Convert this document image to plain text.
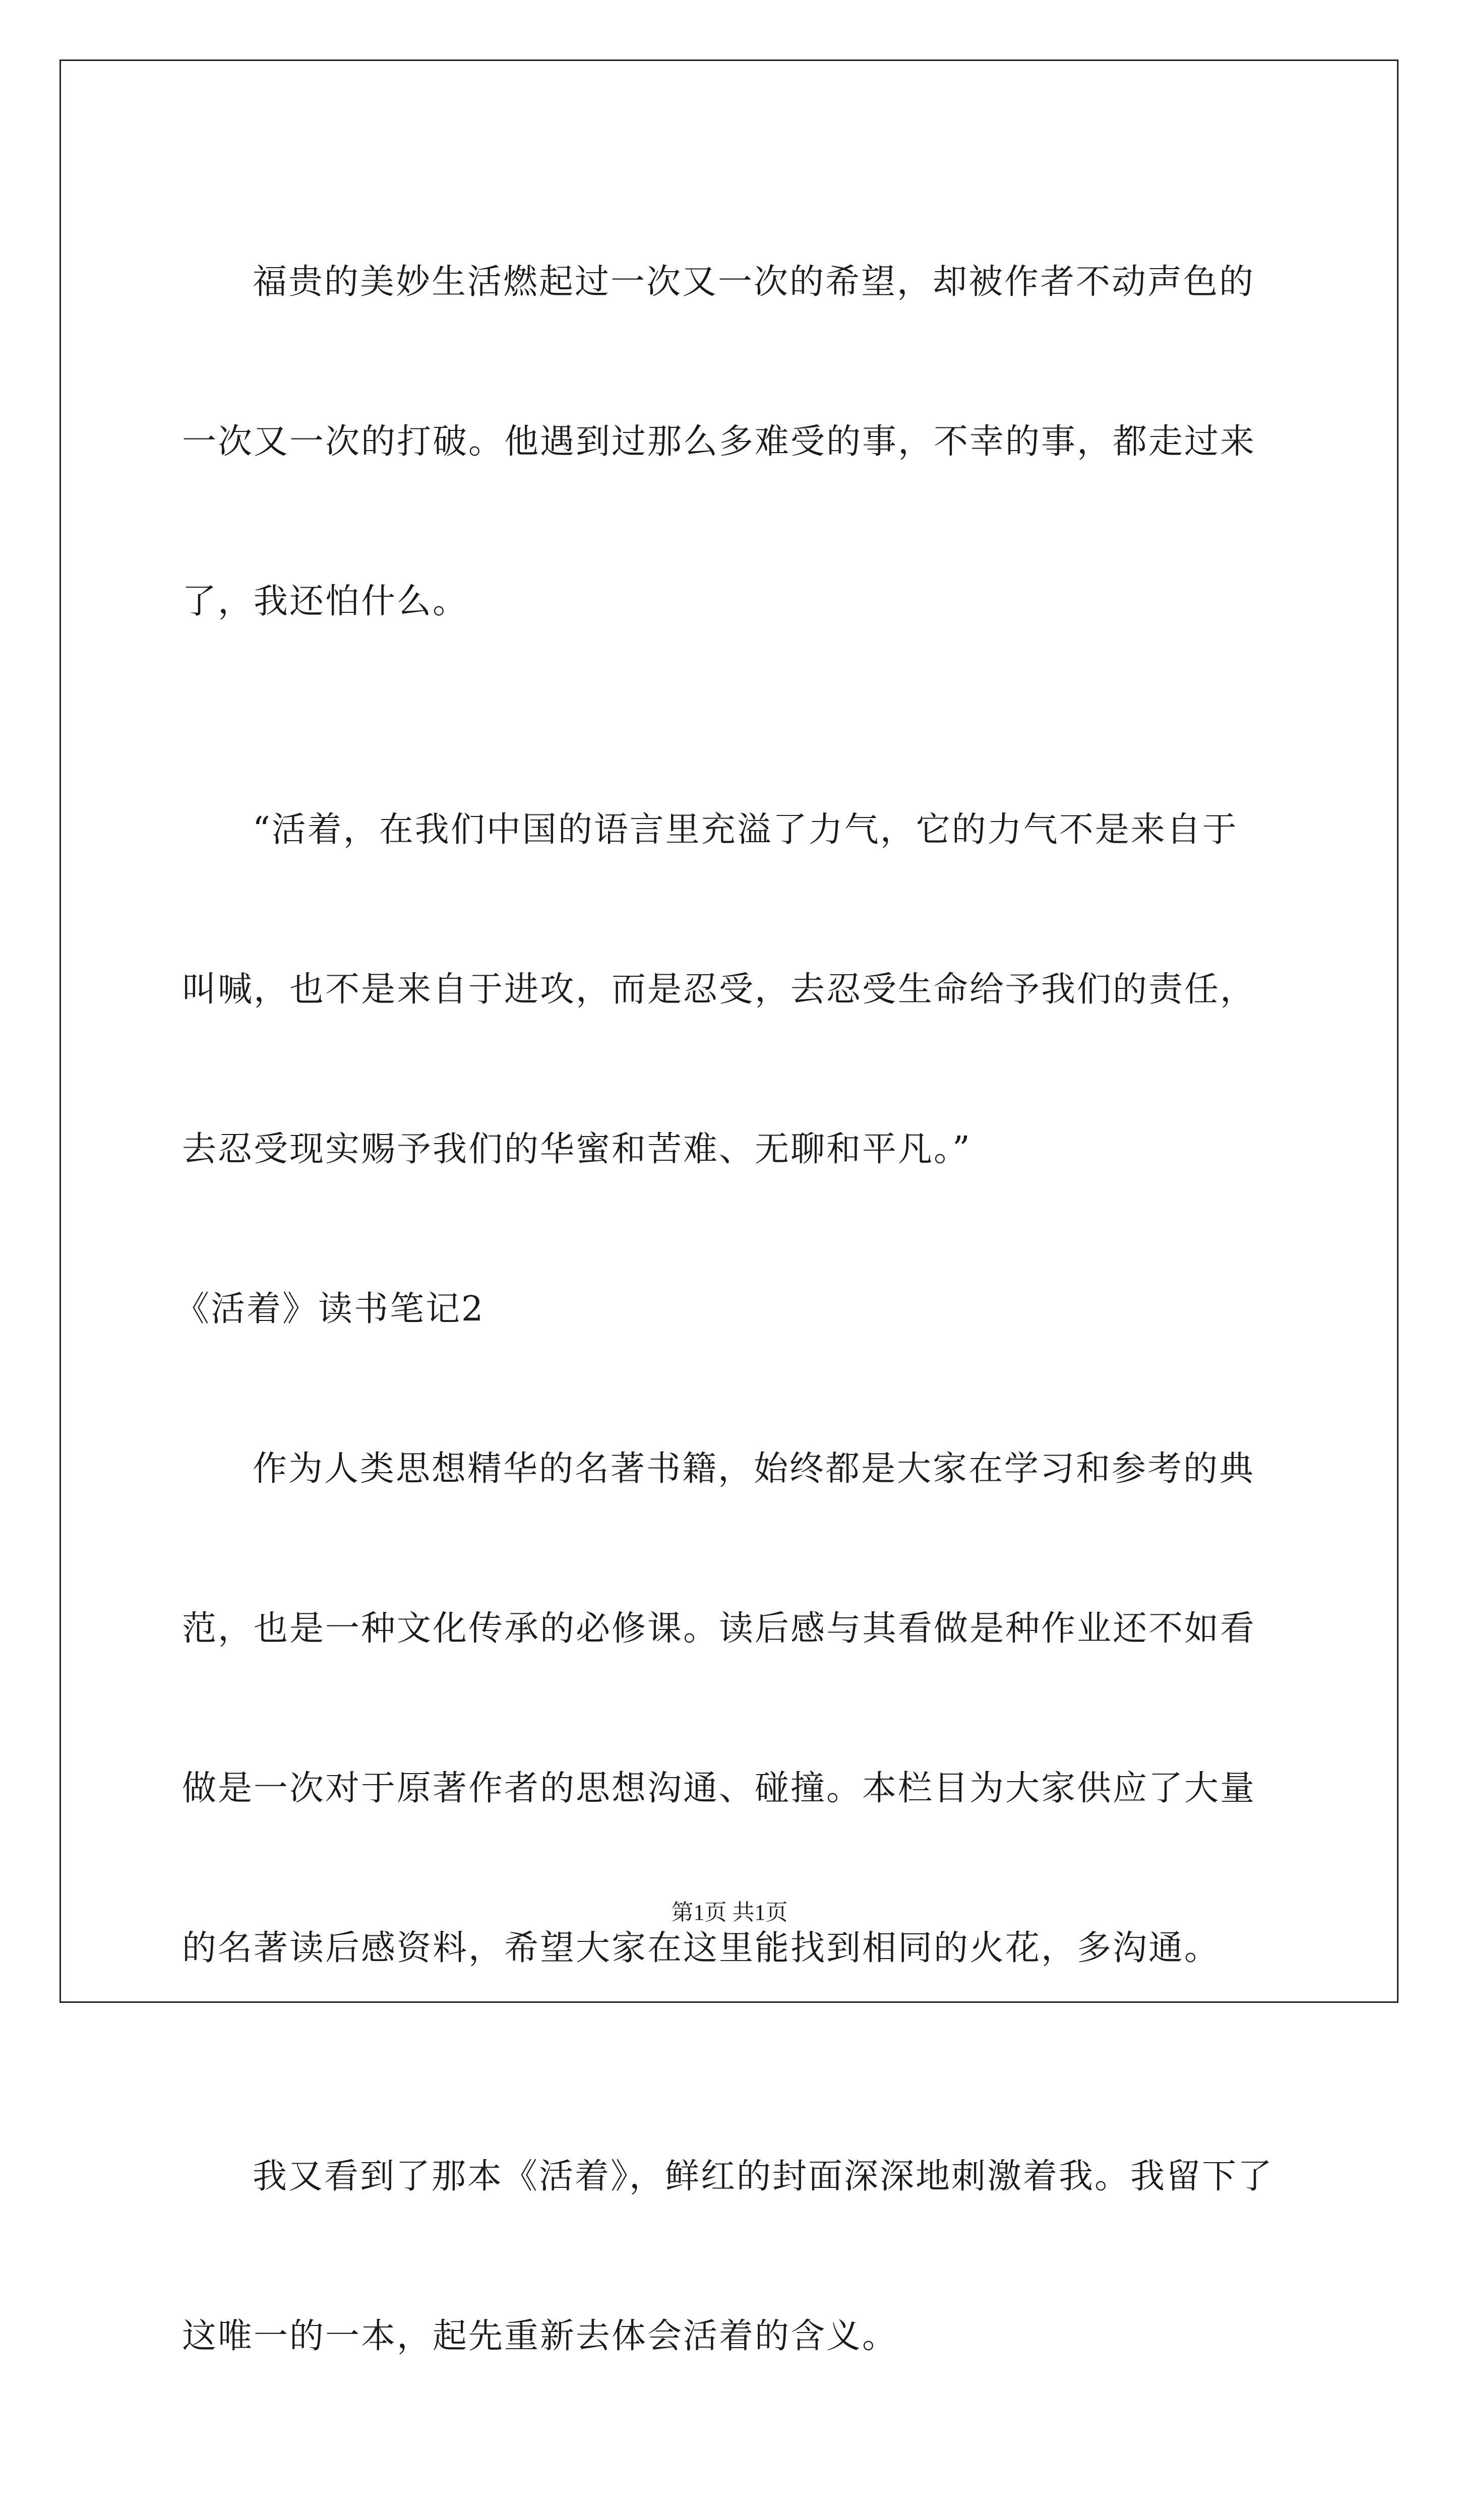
福贵的美妙生活燃起过一次又一次的希望，却被作者不动声色的

一次又一次的打破。他遇到过那么多难受的事，不幸的事，都走过来

了，我还怕什么。

“活着，在我们中国的语言里充溢了力气，它的力气不是来自于

叫喊，也不是来自于进攻，而是忍受，去忍受生命给予我们的责任，

去忍受现实赐予我们的华蜜和苦难、无聊和平凡。”

《活着》读书笔记2

作为人类思想精华的名著书籍，始终都是大家在学习和参考的典

范，也是一种文化传承的必修课。读后感与其看做是种作业还不如看

做是一次对于原著作者的思想沟通、碰撞。本栏目为大家供应了大量

的名著读后感资料，希望大家在这里能找到相同的火花，多沟通。

我又看到了那本《活着》，鲜红的封面深深地刺激着我。我留下了

这唯一的一本，起先重新去体会活着的含义。

第1页 共1页
